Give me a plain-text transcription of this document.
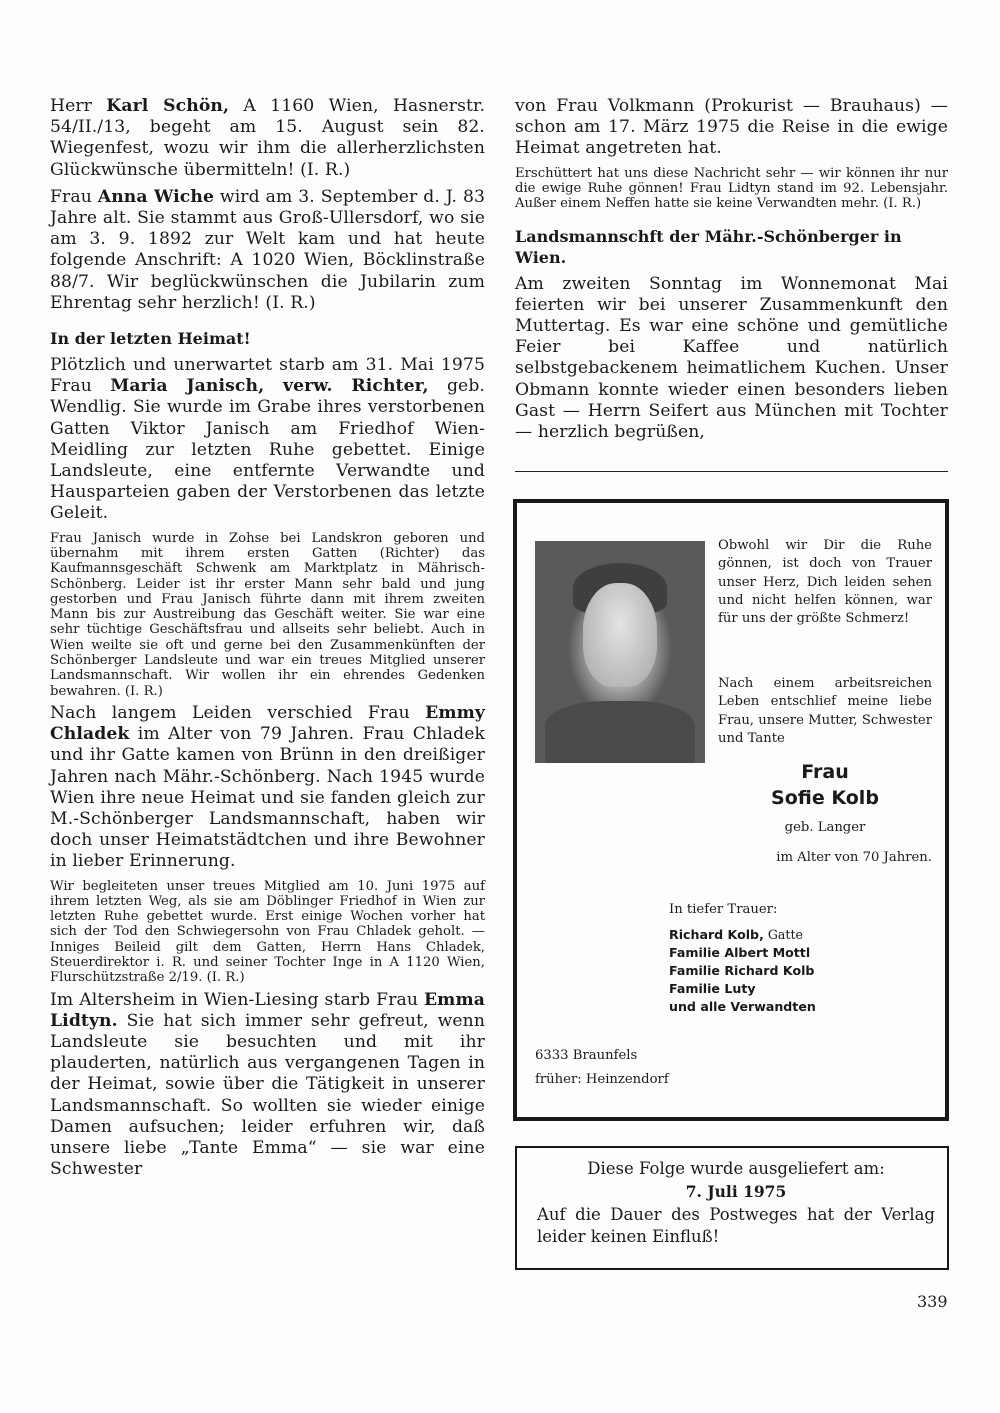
Herr Karl Schön, A 1160 Wien, Hasnerstr. 54/II./13, begeht am 15. August sein 82. Wiegenfest, wozu wir ihm die allerherzlichsten Glückwünsche übermitteln! (I. R.)
Frau Anna Wiche wird am 3. September d. J. 83 Jahre alt. Sie stammt aus Groß-Ullersdorf, wo sie am 3. 9. 1892 zur Welt kam und hat heute folgende Anschrift: A 1020 Wien, Böcklinstraße 88/7. Wir beglückwünschen die Jubilarin zum Ehrentag sehr herzlich! (I. R.)
In der letzten Heimat!
Plötzlich und unerwartet starb am 31. Mai 1975 Frau Maria Janisch, verw. Richter, geb. Wendlig. Sie wurde im Grabe ihres verstorbenen Gatten Viktor Janisch am Friedhof Wien-Meidling zur letzten Ruhe gebettet. Einige Landsleute, eine entfernte Verwandte und Hausparteien gaben der Verstorbenen das letzte Geleit.
Frau Janisch wurde in Zohse bei Landskron geboren und übernahm mit ihrem ersten Gatten (Richter) das Kaufmannsgeschäft Schwenk am Marktplatz in Mährisch-Schönberg. Leider ist ihr erster Mann sehr bald und jung gestorben und Frau Janisch führte dann mit ihrem zweiten Mann bis zur Austreibung das Geschäft weiter. Sie war eine sehr tüchtige Geschäftsfrau und allseits sehr beliebt. Auch in Wien weilte sie oft und gerne bei den Zusammenkünften der Schönberger Landsleute und war ein treues Mitglied unserer Landsmannschaft. Wir wollen ihr ein ehrendes Gedenken bewahren. (I. R.)
Nach langem Leiden verschied Frau Emmy Chladek im Alter von 79 Jahren. Frau Chladek und ihr Gatte kamen von Brünn in den dreißiger Jahren nach Mähr.-Schönberg. Nach 1945 wurde Wien ihre neue Heimat und sie fanden gleich zur M.-Schönberger Landsmannschaft, haben wir doch unser Heimatstädtchen und ihre Bewohner in lieber Erinnerung.
Wir begleiteten unser treues Mitglied am 10. Juni 1975 auf ihrem letzten Weg, als sie am Döblinger Friedhof in Wien zur letzten Ruhe gebettet wurde. Erst einige Wochen vorher hat sich der Tod den Schwiegersohn von Frau Chladek geholt. — Inniges Beileid gilt dem Gatten, Herrn Hans Chladek, Steuerdirektor i. R. und seiner Tochter Inge in A 1120 Wien, Flurschützstraße 2/19. (I. R.)
Im Altersheim in Wien-Liesing starb Frau Emma Lidtyn. Sie hat sich immer sehr gefreut, wenn Landsleute sie besuchten und mit ihr plauderten, natürlich aus vergangenen Tagen in der Heimat, sowie über die Tätigkeit in unserer Landsmannschaft. So wollten sie wieder einige Damen aufsuchen; leider erfuhren wir, daß unsere liebe „Tante Emma“ — sie war eine Schwester
von Frau Volkmann (Prokurist — Brauhaus) — schon am 17. März 1975 die Reise in die ewige Heimat angetreten hat.
Erschüttert hat uns diese Nachricht sehr — wir können ihr nur die ewige Ruhe gönnen! Frau Lidtyn stand im 92. Lebensjahr. Außer einem Neffen hatte sie keine Verwandten mehr. (I. R.)
Landsmannschft der Mähr.-Schönberger in Wien.
Am zweiten Sonntag im Wonnemonat Mai feierten wir bei unserer Zusammenkunft den Muttertag. Es war eine schöne und gemütliche Feier bei Kaffee und natürlich selbstgebackenem heimatlichem Kuchen. Unser Obmann konnte wieder einen besonders lieben Gast — Herrn Seifert aus München mit Tochter — herzlich begrüßen,
Obwohl wir Dir die Ruhe gönnen, ist doch von Trauer unser Herz, Dich leiden sehen und nicht helfen können, war für uns der größte Schmerz!
Nach einem arbeitsreichen Leben entschlief meine liebe Frau, unsere Mutter, Schwester und Tante
Frau
Sofie Kolb
geb. Langer
im Alter von 70 Jahren.
In tiefer Trauer:
Richard Kolb, Gatte
Familie Albert Mottl
Familie Richard Kolb
Familie Luty
und alle Verwandten
6333 Braunfels
früher: Heinzendorf
Diese Folge wurde ausgeliefert am:
7. Juli 1975
Auf die Dauer des Postweges hat der Verlag leider keinen Einfluß!
339
